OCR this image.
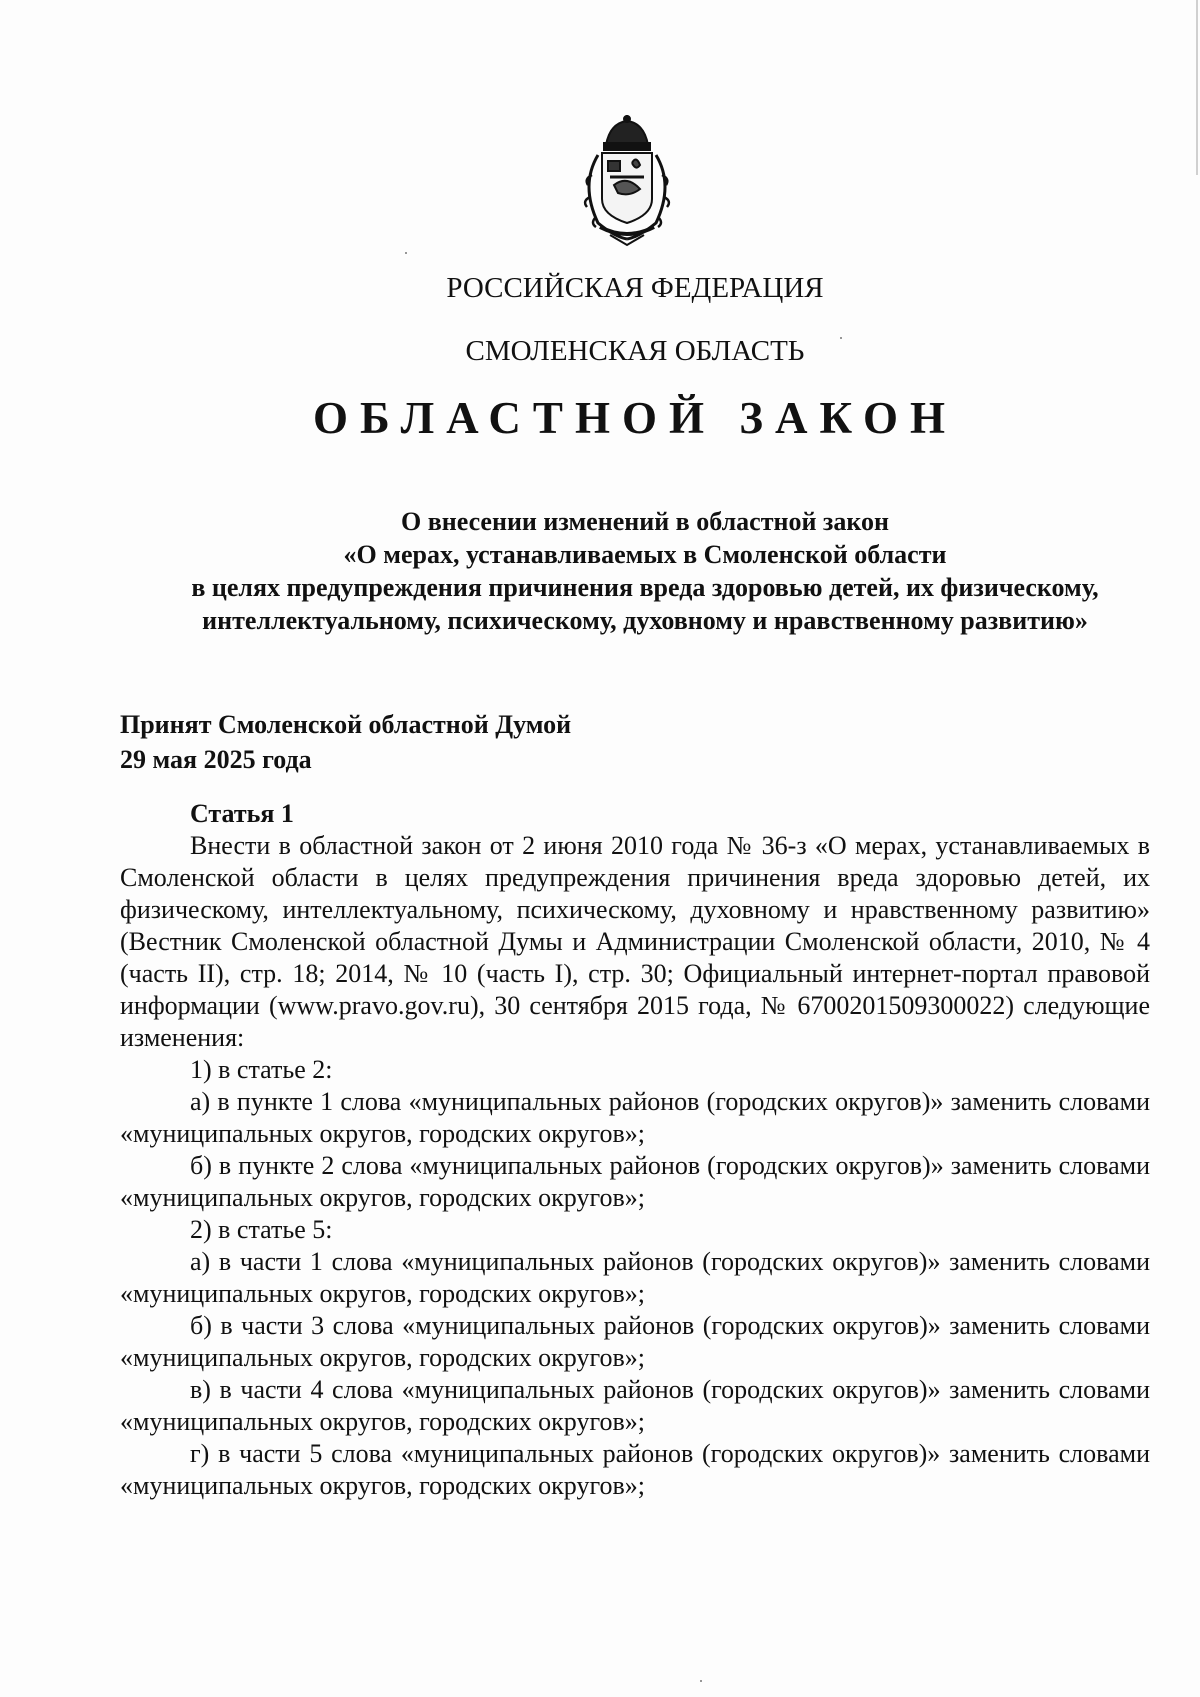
РОССИЙСКАЯ ФЕДЕРАЦИЯ
СМОЛЕНСКАЯ ОБЛАСТЬ
ОБЛАСТНОЙ ЗАКОН
О внесении изменений в областной закон
«О мерах, устанавливаемых в Смоленской области
в целях предупреждения причинения вреда здоровью детей, их физическому,
интеллектуальному, психическому, духовному и нравственному развитию»
Принят Смоленской областной Думой
29 мая 2025 года
Статья 1

Внести в областной закон от 2 июня 2010 года № 36-з «О мерах, устанавливаемых в Смоленской области в целях предупреждения причинения вреда здоровью детей, их физическому, интеллектуальному, психическому, духовному и нравственному развитию» (Вестник Смоленской областной Думы и Администрации Смоленской области, 2010, № 4 (часть II), стр. 18; 2014, № 10 (часть I), стр. 30; Официальный интернет-портал правовой информации (www.pravo.gov.ru), 30 сентября 2015 года, № 6700201509300022) следующие изменения:

1) в статье 2:

а) в пункте 1 слова «муниципальных районов (городских округов)» заменить словами «муниципальных округов, городских округов»;

б) в пункте 2 слова «муниципальных районов (городских округов)» заменить словами «муниципальных округов, городских округов»;

2) в статье 5:

а) в части 1 слова «муниципальных районов (городских округов)» заменить словами «муниципальных округов, городских округов»;

б) в части 3 слова «муниципальных районов (городских округов)» заменить словами «муниципальных округов, городских округов»;

в) в части 4 слова «муниципальных районов (городских округов)» заменить словами «муниципальных округов, городских округов»;

г) в части 5 слова «муниципальных районов (городских округов)» заменить словами «муниципальных округов, городских округов»;
